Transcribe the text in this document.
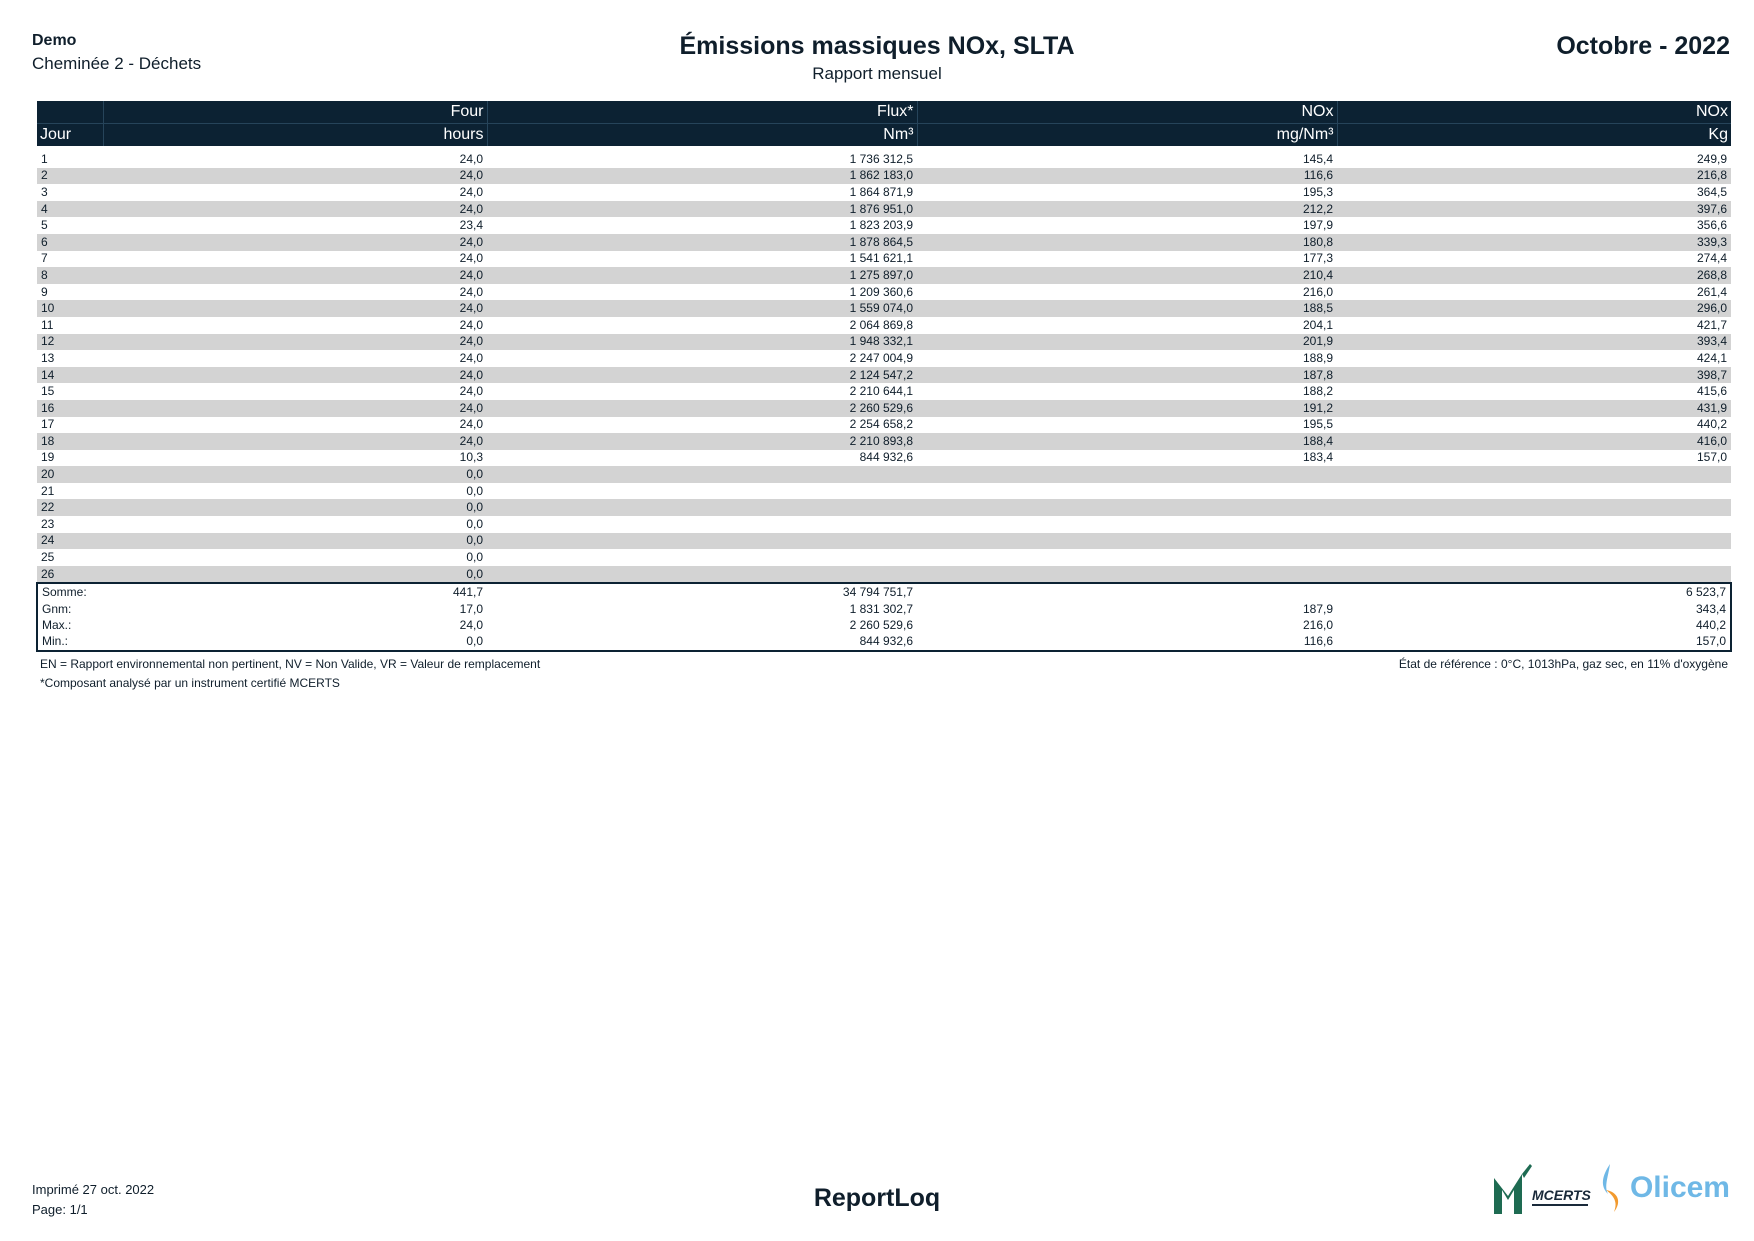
Demo
Cheminée 2 - Déchets
Émissions massiques NOx, SLTA
Rapport mensuel
Octobre - 2022
	Four	Flux*	NOx	NOx
Jour	hours	Nm³	mg/Nm³	Kg

1	24,0	1 736 312,5	145,4	249,9
2	24,0	1 862 183,0	116,6	216,8
3	24,0	1 864 871,9	195,3	364,5
4	24,0	1 876 951,0	212,2	397,6
5	23,4	1 823 203,9	197,9	356,6
6	24,0	1 878 864,5	180,8	339,3
7	24,0	1 541 621,1	177,3	274,4
8	24,0	1 275 897,0	210,4	268,8
9	24,0	1 209 360,6	216,0	261,4
10	24,0	1 559 074,0	188,5	296,0
11	24,0	2 064 869,8	204,1	421,7
12	24,0	1 948 332,1	201,9	393,4
13	24,0	2 247 004,9	188,9	424,1
14	24,0	2 124 547,2	187,8	398,7
15	24,0	2 210 644,1	188,2	415,6
16	24,0	2 260 529,6	191,2	431,9
17	24,0	2 254 658,2	195,5	440,2
18	24,0	2 210 893,8	188,4	416,0
19	10,3	844 932,6	183,4	157,0
20	0,0			
21	0,0			
22	0,0			
23	0,0			
24	0,0			
25	0,0			
26	0,0			
Somme:	441,7	34 794 751,7		6 523,7
Gnm:	17,0	1 831 302,7	187,9	343,4
Max.:	24,0	2 260 529,6	216,0	440,2
Min.:	0,0	844 932,6	116,6	157,0
EN = Rapport environnemental non pertinent, NV = Non Valide, VR = Valeur de remplacement
*Composant analysé par un instrument certifié MCERTS
État de référence : 0°C, 1013hPa, gaz sec, en 11% d'oxygène
Imprimé 27 oct. 2022
Page: 1/1	ReportLoq	MCERTS Olicem
